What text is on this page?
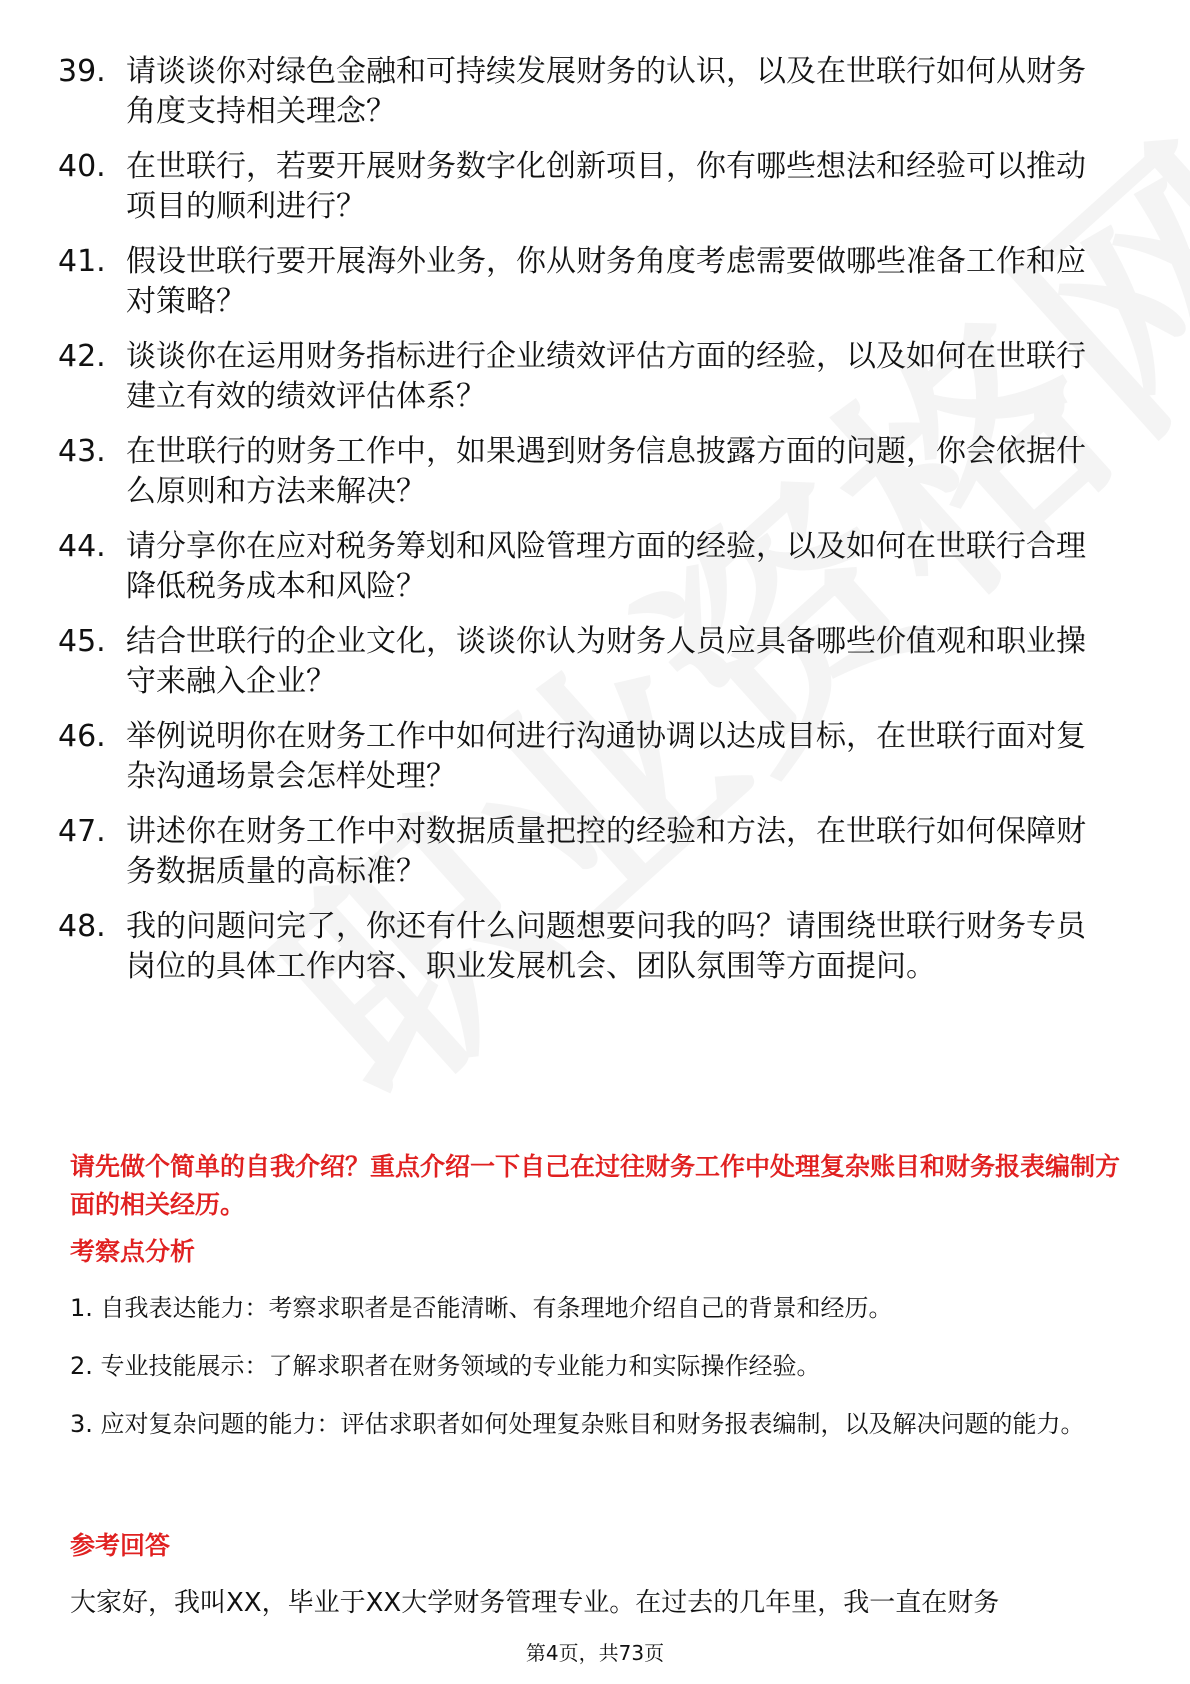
39. 请谈谈你对绿色金融和可持续发展财务的认识，以及在世联行如何从财务角度支持相关理念？
40. 在世联行，若要开展财务数字化创新项目，你有哪些想法和经验可以推动项目的顺利进行？
41. 假设世联行要开展海外业务，你从财务角度考虑需要做哪些准备工作和应对策略？
42. 谈谈你在运用财务指标进行企业绩效评估方面的经验，以及如何在世联行建立有效的绩效评估体系？
43. 在世联行的财务工作中，如果遇到财务信息披露方面的问题，你会依据什么原则和方法来解决？
44. 请分享你在应对税务筹划和风险管理方面的经验，以及如何在世联行合理降低税务成本和风险？
45. 结合世联行的企业文化，谈谈你认为财务人员应具备哪些价值观和职业操守来融入企业？
46. 举例说明你在财务工作中如何进行沟通协调以达成目标，在世联行面对复杂沟通场景会怎样处理？
47. 讲述你在财务工作中对数据质量把控的经验和方法，在世联行如何保障财务数据质量的高标准？
48. 我的问题问完了，你还有什么问题想要问我的吗？请围绕世联行财务专员岗位的具体工作内容、职业发展机会、团队氛围等方面提问。
请先做个简单的自我介绍？重点介绍一下自己在过往财务工作中处理复杂账目和财务报表编制方面的相关经历。
考察点分析

1. 自我表达能力：考察求职者是否能清晰、有条理地介绍自己的背景和经历。

2. 专业技能展示：了解求职者在财务领域的专业能力和实际操作经验。

3. 应对复杂问题的能力：评估求职者如何处理复杂账目和财务报表编制，以及解决问题的能力。

参考回答
大家好，我叫XX，毕业于XX大学财务管理专业。在过去的几年里，我一直在财务
第4页，共73页
